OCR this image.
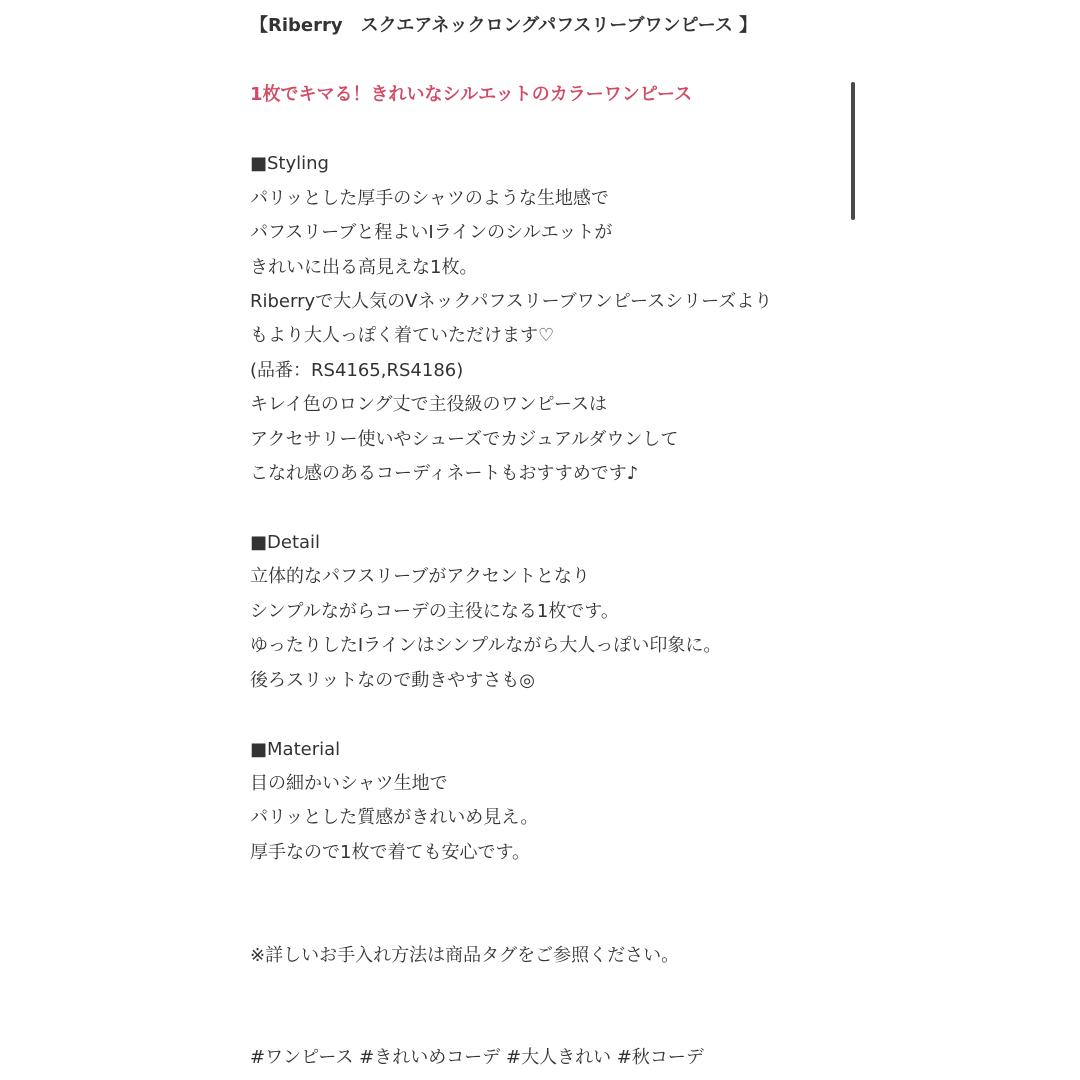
【Riberry　スクエアネックロングパフスリーブワンピース 】
1枚でキマる！きれいなシルエットのカラーワンピース
■Styling
パリッとした厚手のシャツのような生地感で
パフスリーブと程よいIラインのシルエットが
きれいに出る高見えな1枚。
Riberryで大人気のVネックパフスリーブワンピースシリーズより
もより大人っぽく着ていただけます♡
(品番：RS4165,RS4186)
キレイ色のロング丈で主役級のワンピースは
アクセサリー使いやシューズでカジュアルダウンして
こなれ感のあるコーディネートもおすすめです♪
■Detail
立体的なパフスリーブがアクセントとなり
シンプルながらコーデの主役になる1枚です。
ゆったりしたIラインはシンプルながら大人っぽい印象に。
後ろスリットなので動きやすさも◎
■Material
目の細かいシャツ生地で
パリッとした質感がきれいめ見え。
厚手なので1枚で着ても安心です。
※詳しいお手入れ方法は商品タグをご参照ください。
#ワンピース #きれいめコーデ #大人きれい #秋コーデ
